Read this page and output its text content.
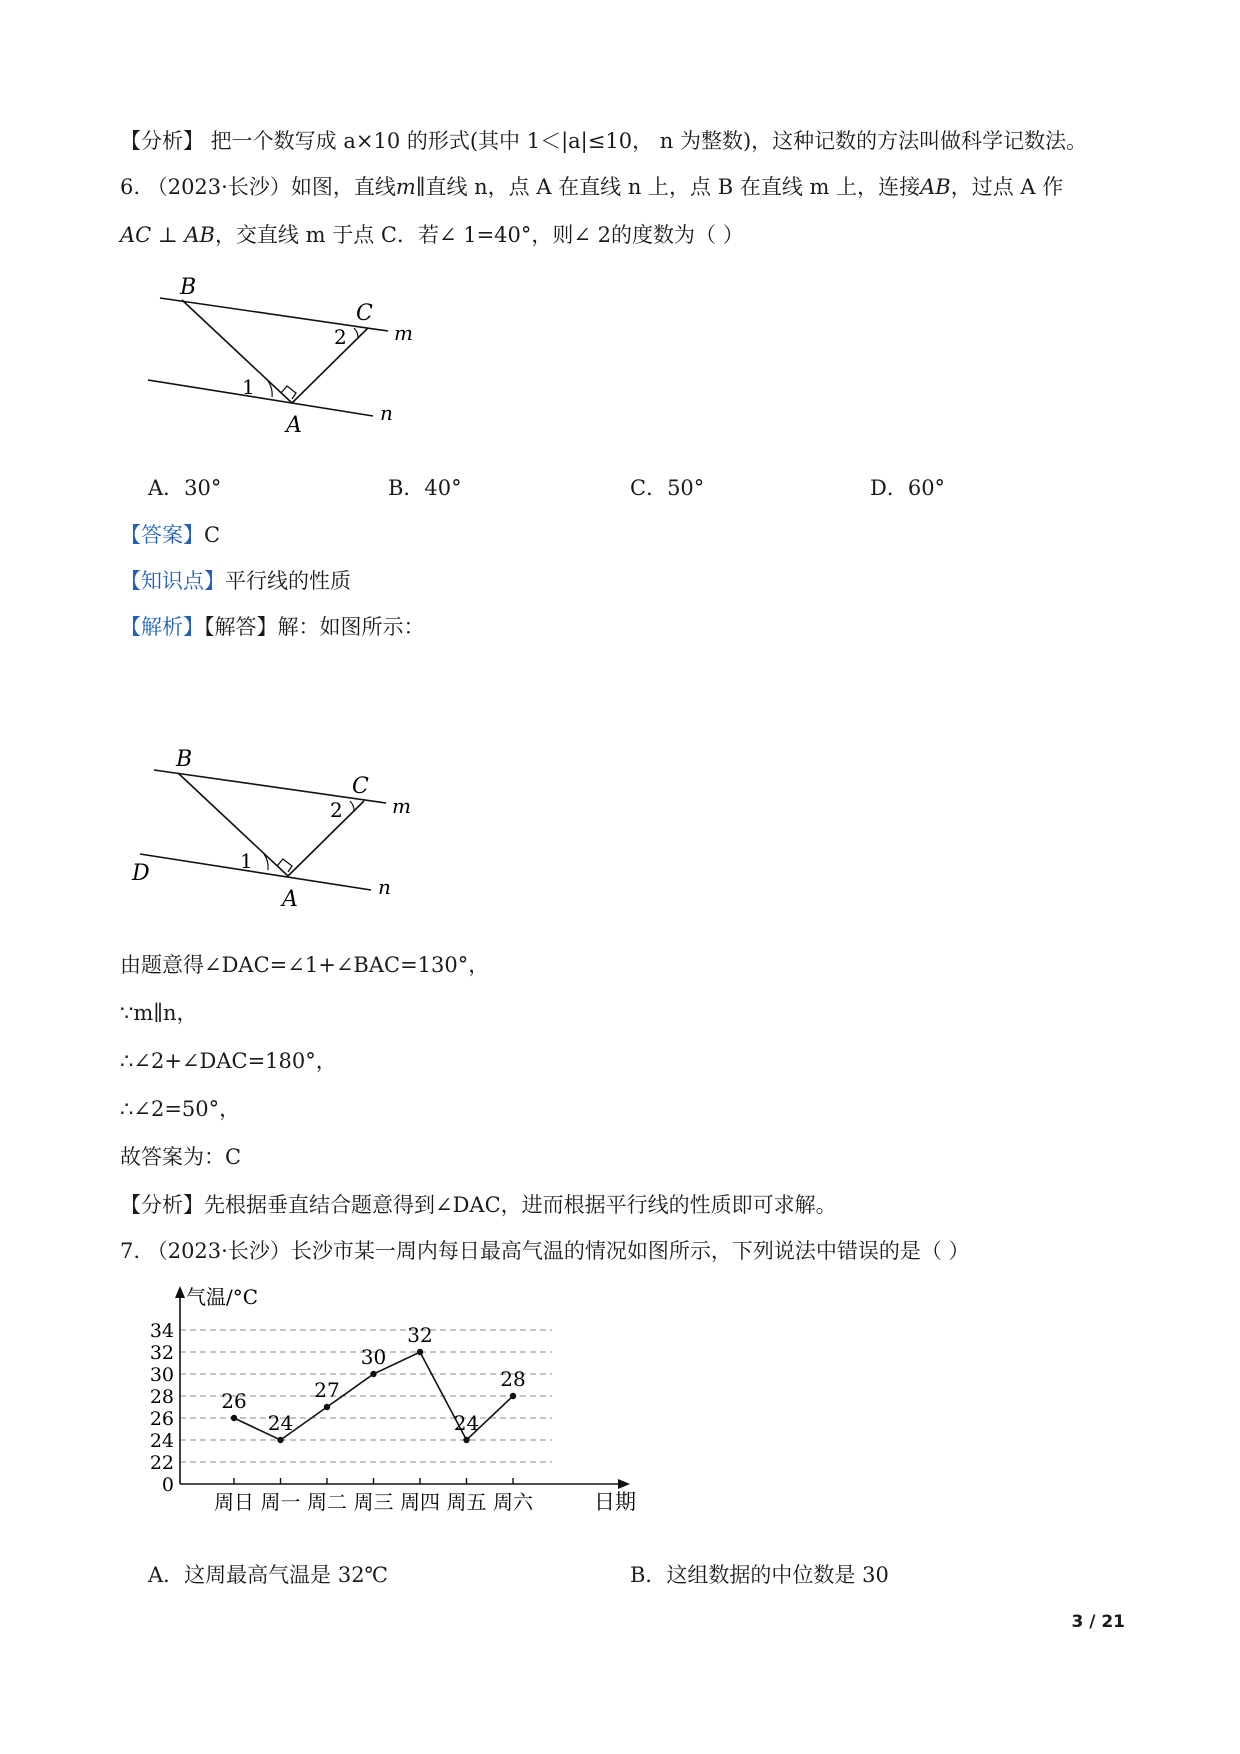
【分析】 把一个数写成 a×10 的形式(其中 1＜|a|≤10， n 为整数)，这种记数的方法叫做科学记数法。
6. （2023·长沙）如图，直线m∥直线 n，点 A 在直线 n 上，点 B 在直线 m 上，连接AB，过点 A 作
AC ⊥ AB，交直线 m 于点 C．若∠ 1=40°，则∠ 2的度数为（ ）
B
C
m
1
2
A	n
A．30°	B．40°	C．50°	D．60°
【答案】C
【知识点】平行线的性质
【解析】【解答】解：如图所示：
B
C
m
1
2
A	n
D
由题意得∠DAC=∠1+∠BAC=130°，
∵m∥n，
∴∠2+∠DAC=180°，
∴∠2=50°，
故答案为：C
【分析】先根据垂直结合题意得到∠DAC，进而根据平行线的性质即可求解。
7. （2023·长沙）长沙市某一周内每日最高气温的情况如图所示，下列说法中错误的是（ ）
气温/°C
日期
0
22
24
26
28
30
32
34
周日 周一 周二 周三 周四 周五 周六
26
24
27
30
32
24
28
A．这周最高气温是 32℃	B．这组数据的中位数是 30
3 / 21
